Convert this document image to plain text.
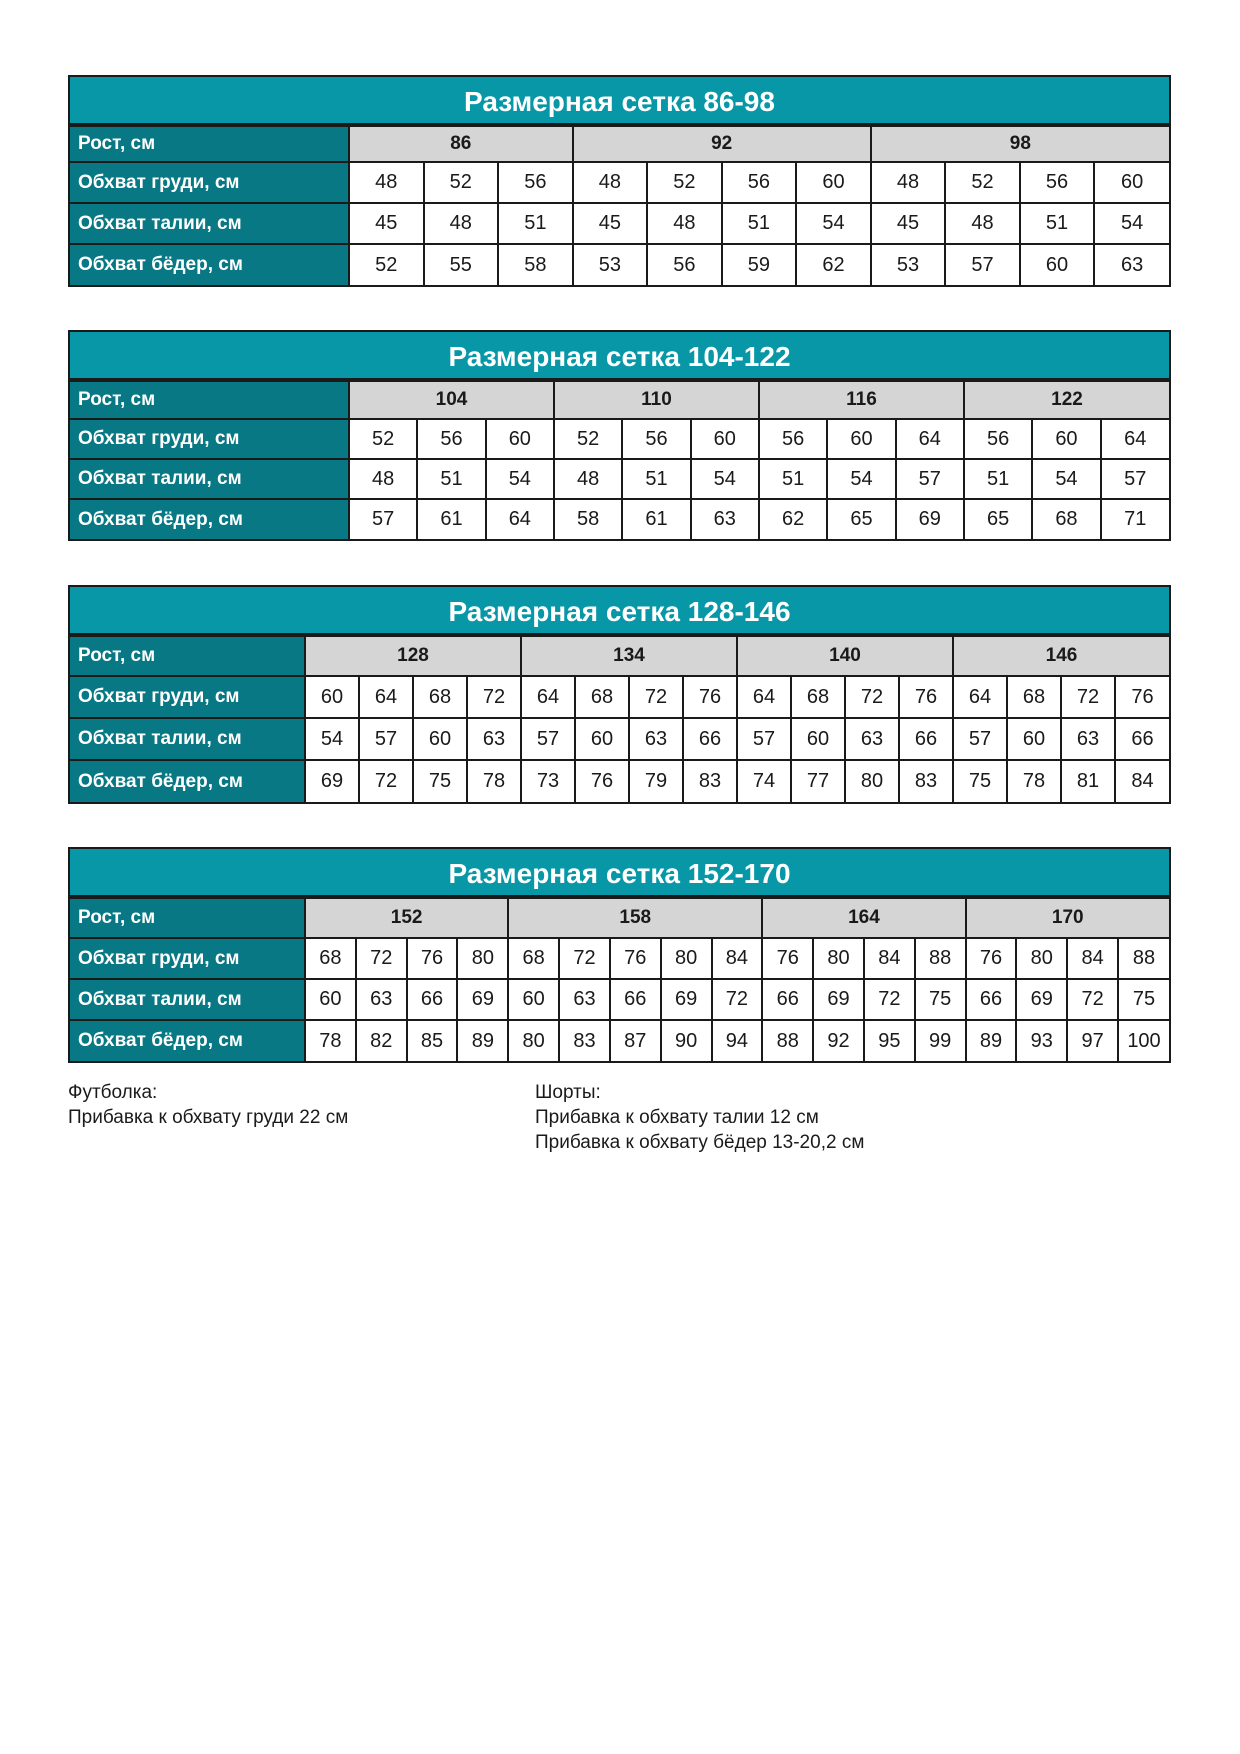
Размерная сетка 86-98
Рост, см	86			92				98			
Обхват груди, см	48	52	56	48	52	56	60	48	52	56	60
Обхват талии, см	45	48	51	45	48	51	54	45	48	51	54
Обхват бёдер, см	52	55	58	53	56	59	62	53	57	60	63
Размерная сетка 104-122
Рост, см	104			110			116			122		
Обхват груди, см	52	56	60	52	56	60	56	60	64	56	60	64
Обхват талии, см	48	51	54	48	51	54	51	54	57	51	54	57
Обхват бёдер, см	57	61	64	58	61	63	62	65	69	65	68	71
Размерная сетка 128-146
Рост, см	128				134				140				146			
Обхват груди, см	60	64	68	72	64	68	72	76	64	68	72	76	64	68	72	76
Обхват талии, см	54	57	60	63	57	60	63	66	57	60	63	66	57	60	63	66
Обхват бёдер, см	69	72	75	78	73	76	79	83	74	77	80	83	75	78	81	84
Размерная сетка 152-170
Рост, см	152				158					164				170			
Обхват груди, см	68	72	76	80	68	72	76	80	84	76	80	84	88	76	80	84	88
Обхват талии, см	60	63	66	69	60	63	66	69	72	66	69	72	75	66	69	72	75
Обхват бёдер, см	78	82	85	89	80	83	87	90	94	88	92	95	99	89	93	97	100
Футболка:
Прибавка к обхвату груди 22 см
Шорты:
Прибавка к обхвату талии 12 см
Прибавка к обхвату бёдер 13-20,2 см
